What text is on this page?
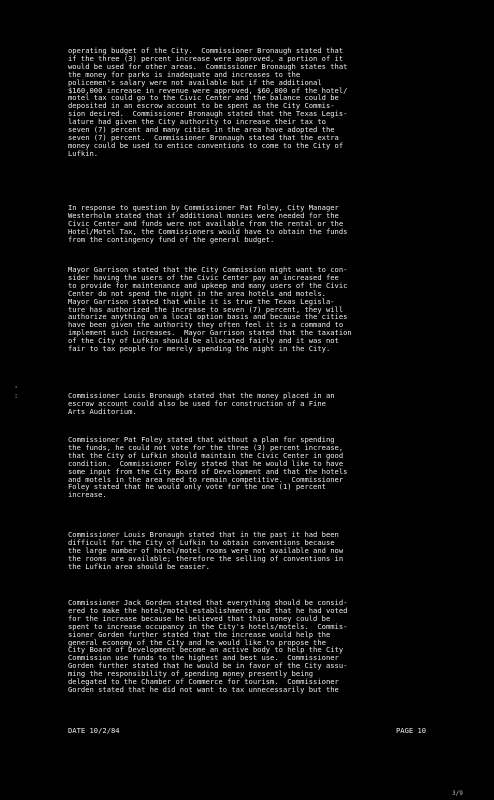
operating budget of the City.  Commissioner Bronaugh stated that
if the three (3) percent increase were approved, a portion of it
would be used for other areas.  Commissioner Bronaugh states that
the money for parks is inadequate and increases to the
policemen's salary were not available but if the additional
$160,000 increase in revenue were approved, $60,000 of the hotel/
motel tax could go to the Civic Center and the balance could be
deposited in an escrow account to be spent as the City Commis-
sion desired.  Commissioner Bronaugh stated that the Texas Legis-
lature had given the City authority to increase their tax to
seven (7) percent and many cities in the area have adopted the
seven (7) percent.  Commissioner Bronaugh stated that the extra
money could be used to entice conventions to come to the City of
Lufkin.

In response to question by Commissioner Pat Foley, City Manager
Westerholm stated that if additional monies were needed for the
Civic Center and funds were not available from the rental or the
Hotel/Motel Tax, the Commissioners would have to obtain the funds
from the contingency fund of the general budget.

Mayor Garrison stated that the City Commission might want to con-
sider having the users of the Civic Center pay an increased fee
to provide for maintenance and upkeep and many users of the Civic
Center do not spend the night in the area hotels and motels.
Mayor Garrison stated that while it is true the Texas Legisla-
ture has authorized the increase to seven (7) percent, they will
authorize anything on a local option basis and because the cities
have been given the authority they often feel it is a command to
implement such increases.  Mayor Garrison stated that the taxation
of the City of Lufkin should be allocated fairly and it was not
fair to tax people for merely spending the night in the City.

Commissioner Louis Bronaugh stated that the money placed in an
escrow account could also be used for construction of a Fine
Arts Auditorium.

Commissioner Pat Foley stated that without a plan for spending
the funds, he could not vote for the three (3) percent increase,
that the City of Lufkin should maintain the Civic Center in good
condition.  Commissioner Foley stated that he would like to have
some input from the City Board of Development and that the hotels
and motels in the area need to remain competitive.  Commissioner
Foley stated that he would only vote for the one (1) percent
increase.

Commissioner Louis Bronaugh stated that in the past it had been
difficult for the City of Lufkin to obtain conventions because
the large number of hotel/motel rooms were not available and now
the rooms are available; therefore the selling of conventions in
the Lufkin area should be easier.

Commissioner Jack Gorden stated that everything should be consid-
ered to make the hotel/motel establishments and that he had voted
for the increase because he believed that this money could be
spent to increase occupancy in the City's hotels/motels.  Commis-
sioner Gorden further stated that the increase would help the
general economy of the City and he would like to propose the
City Board of Development become an active body to help the City
Commission use funds to the highest and best use.  Commissioner
Gorden further stated that he would be in favor of the City assu-
ming the responsibility of spending money presently being
delegated to the Chamber of Commerce for tourism.  Commissioner
Gorden stated that he did not want to tax unnecessarily but the

DATE 10/2/84	PAGE 10
'
:
3/9
